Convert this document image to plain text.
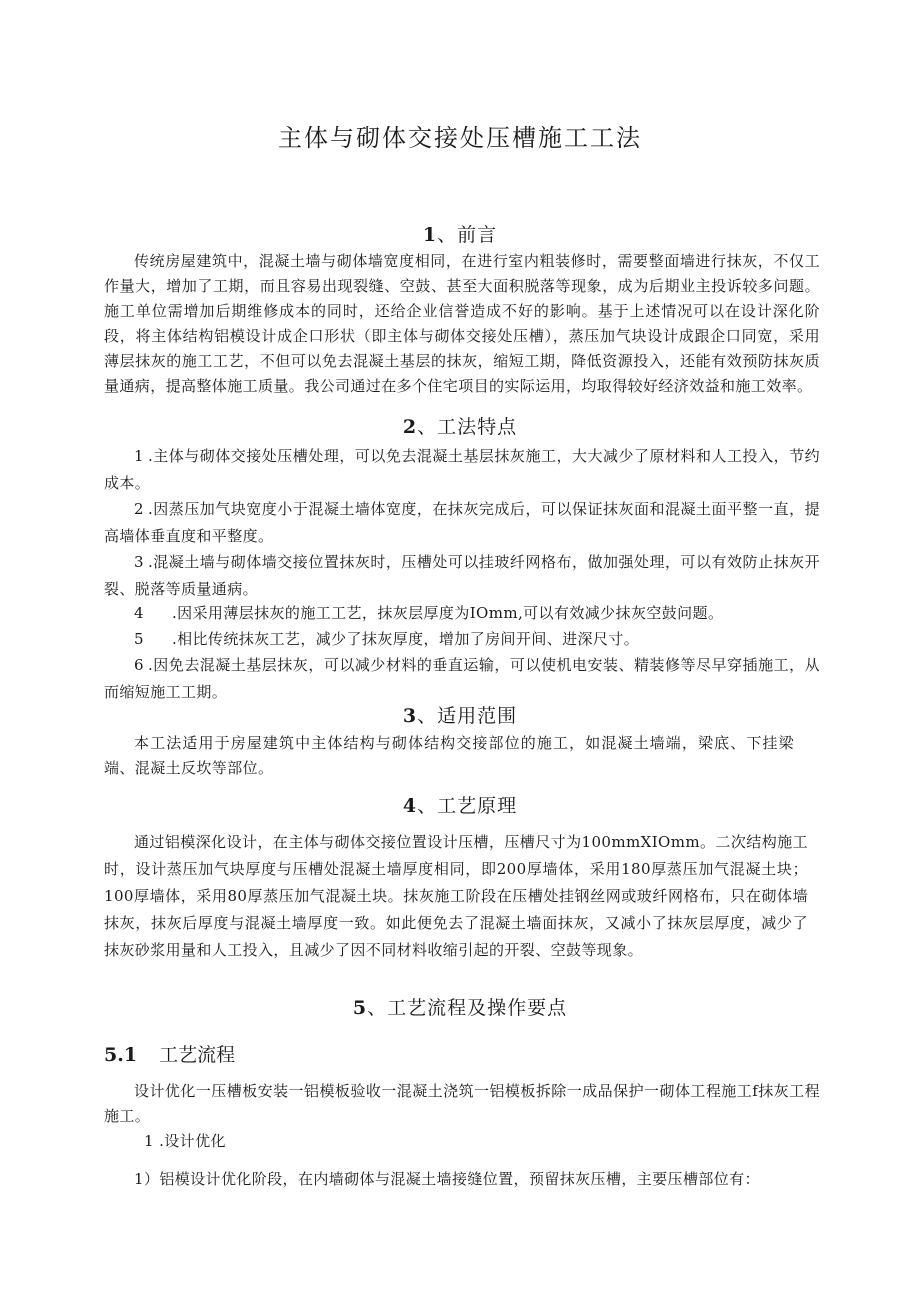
主体与砌体交接处压槽施工工法
1、前言

传统房屋建筑中，混凝土墙与砌体墙宽度相同，在进行室内粗装修时，需要整面墙进行抹灰，不仅工作量大，增加了工期，而且容易出现裂缝、空鼓、甚至大面积脱落等现象，成为后期业主投诉较多问题。施工单位需增加后期维修成本的同时，还给企业信誉造成不好的影响。基于上述情况可以在设计深化阶段，将主体结构铝模设计成企口形状（即主体与砌体交接处压槽），蒸压加气块设计成跟企口同宽，采用薄层抹灰的施工工艺，不但可以免去混凝土基层的抹灰，缩短工期，降低资源投入，还能有效预防抹灰质量通病，提高整体施工质量。我公司通过在多个住宅项目的实际运用，均取得较好经济效益和施工效率。

2、工法特点

1 .主体与砌体交接处压槽处理，可以免去混凝土基层抹灰施工，大大减少了原材料和人工投入，节约成本。

2 .因蒸压加气块宽度小于混凝土墙体宽度，在抹灰完成后，可以保证抹灰面和混凝土面平整一直，提高墙体垂直度和平整度。

3 .混凝土墙与砌体墙交接位置抹灰时，压槽处可以挂玻纤网格布，做加强处理，可以有效防止抹灰开裂、脱落等质量通病。

4 .因采用薄层抹灰的施工工艺，抹灰层厚度为IOmm,可以有效减少抹灰空鼓问题。

5 .相比传统抹灰工艺，减少了抹灰厚度，增加了房间开间、进深尺寸。

6 .因免去混凝土基层抹灰，可以减少材料的垂直运输，可以使机电安装、精装修等尽早穿插施工，从而缩短施工工期。

3、适用范围

本工法适用于房屋建筑中主体结构与砌体结构交接部位的施工，如混凝土墙端，梁底、下挂梁端、混凝土反坎等部位。

4、工艺原理

通过铝模深化设计，在主体与砌体交接位置设计压槽，压槽尺寸为100mmXIOmm。二次结构施工时，设计蒸压加气块厚度与压槽处混凝土墙厚度相同，即200厚墙体，采用180厚蒸压加气混凝土块；100厚墙体，采用80厚蒸压加气混凝土块。抹灰施工阶段在压槽处挂钢丝网或玻纤网格布，只在砌体墙抹灰，抹灰后厚度与混凝土墙厚度一致。如此便免去了混凝土墙面抹灰，又减小了抹灰层厚度，减少了抹灰砂浆用量和人工投入，且减少了因不同材料收缩引起的开裂、空鼓等现象。

5、工艺流程及操作要点
5.1 工艺流程

设计优化一压槽板安装一铝模板验收一混凝土浇筑一铝模板拆除一成品保护一砌体工程施工f抹灰工程施工。

1 .设计优化

1）铝模设计优化阶段，在内墙砌体与混凝土墙接缝位置，预留抹灰压槽，主要压槽部位有：
